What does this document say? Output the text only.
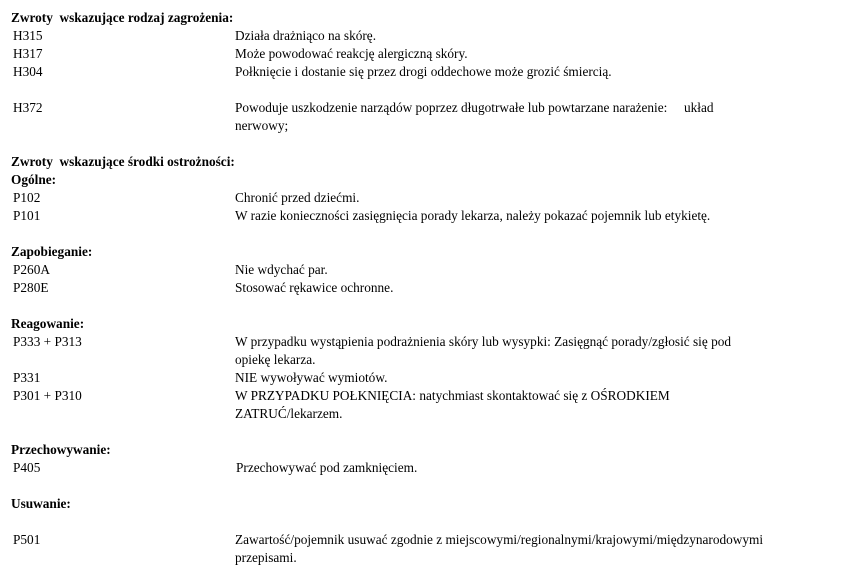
Zwroty  wskazujące rodzaj zagrożenia:
H315	Działa drażniąco na skórę.
H317	Może powodować reakcję alergiczną skóry.
H304	Połknięcie i dostanie się przez drogi oddechowe może grozić śmiercią.
H372	Powoduje uszkodzenie narządów poprzez długotrwałe lub powtarzane narażenie:     układ
nerwowy;
Zwroty  wskazujące środki ostrożności:
Ogólne:
P102	Chronić przed dziećmi.
P101	W razie konieczności zasięgnięcia porady lekarza, należy pokazać pojemnik lub etykietę.
Zapobieganie:
P260A	Nie wdychać par.
P280E	Stosować rękawice ochronne.
Reagowanie:
P333 + P313	W przypadku wystąpienia podrażnienia skóry lub wysypki: Zasięgnąć porady/zgłosić się pod
opiekę lekarza.
P331	NIE wywoływać wymiotów.
P301 + P310	W PRZYPADKU POŁKNIĘCIA: natychmiast skontaktować się z OŚRODKIEM
ZATRUĆ/lekarzem.
Przechowywanie:
P405	Przechowywać pod zamknięciem.
Usuwanie:
P501	Zawartość/pojemnik usuwać zgodnie z miejscowymi/regionalnymi/krajowymi/międzynarodowymi
przepisami.
